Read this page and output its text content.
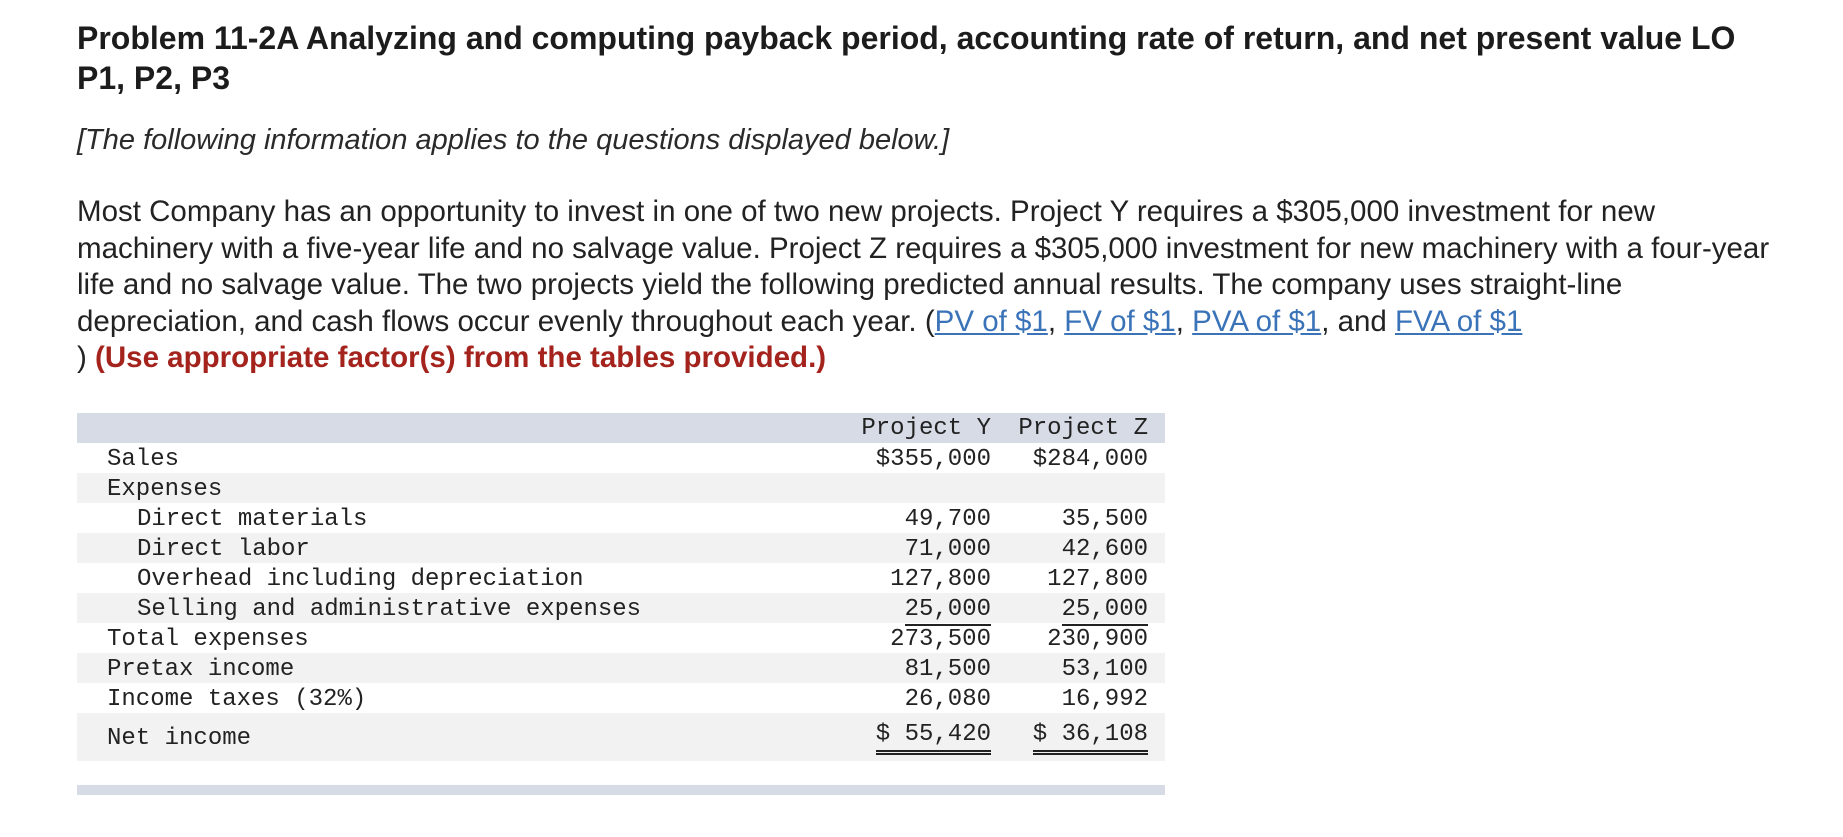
Problem 11-2A Analyzing and computing payback period, accounting rate of return, and net present value LO P1, P2, P3
[The following information applies to the questions displayed below.]
Most Company has an opportunity to invest in one of two new projects. Project Y requires a $305,000 investment for new machinery with a five-year life and no salvage value. Project Z requires a $305,000 investment for new machinery with a four-year life and no salvage value. The two projects yield the following predicted annual results. The company uses straight-line depreciation, and cash flows occur evenly throughout each year. (PV of $1, FV of $1, PVA of $1, and FVA of $1
) (Use appropriate factor(s) from the tables provided.)
Project Y Project Z
Sales	$355,000 $284,000
Expenses
Direct materials	49,700	35,500
Direct labor	71,000	42,600
Overhead including depreciation	127,800 127,800
Selling and administrative expenses	25,000	25,000
Total expenses	273,500 230,900
Pretax income	81,500	53,100
Income taxes (32%)	26,080	16,992
Net income	$ 55,420 $ 36,108
